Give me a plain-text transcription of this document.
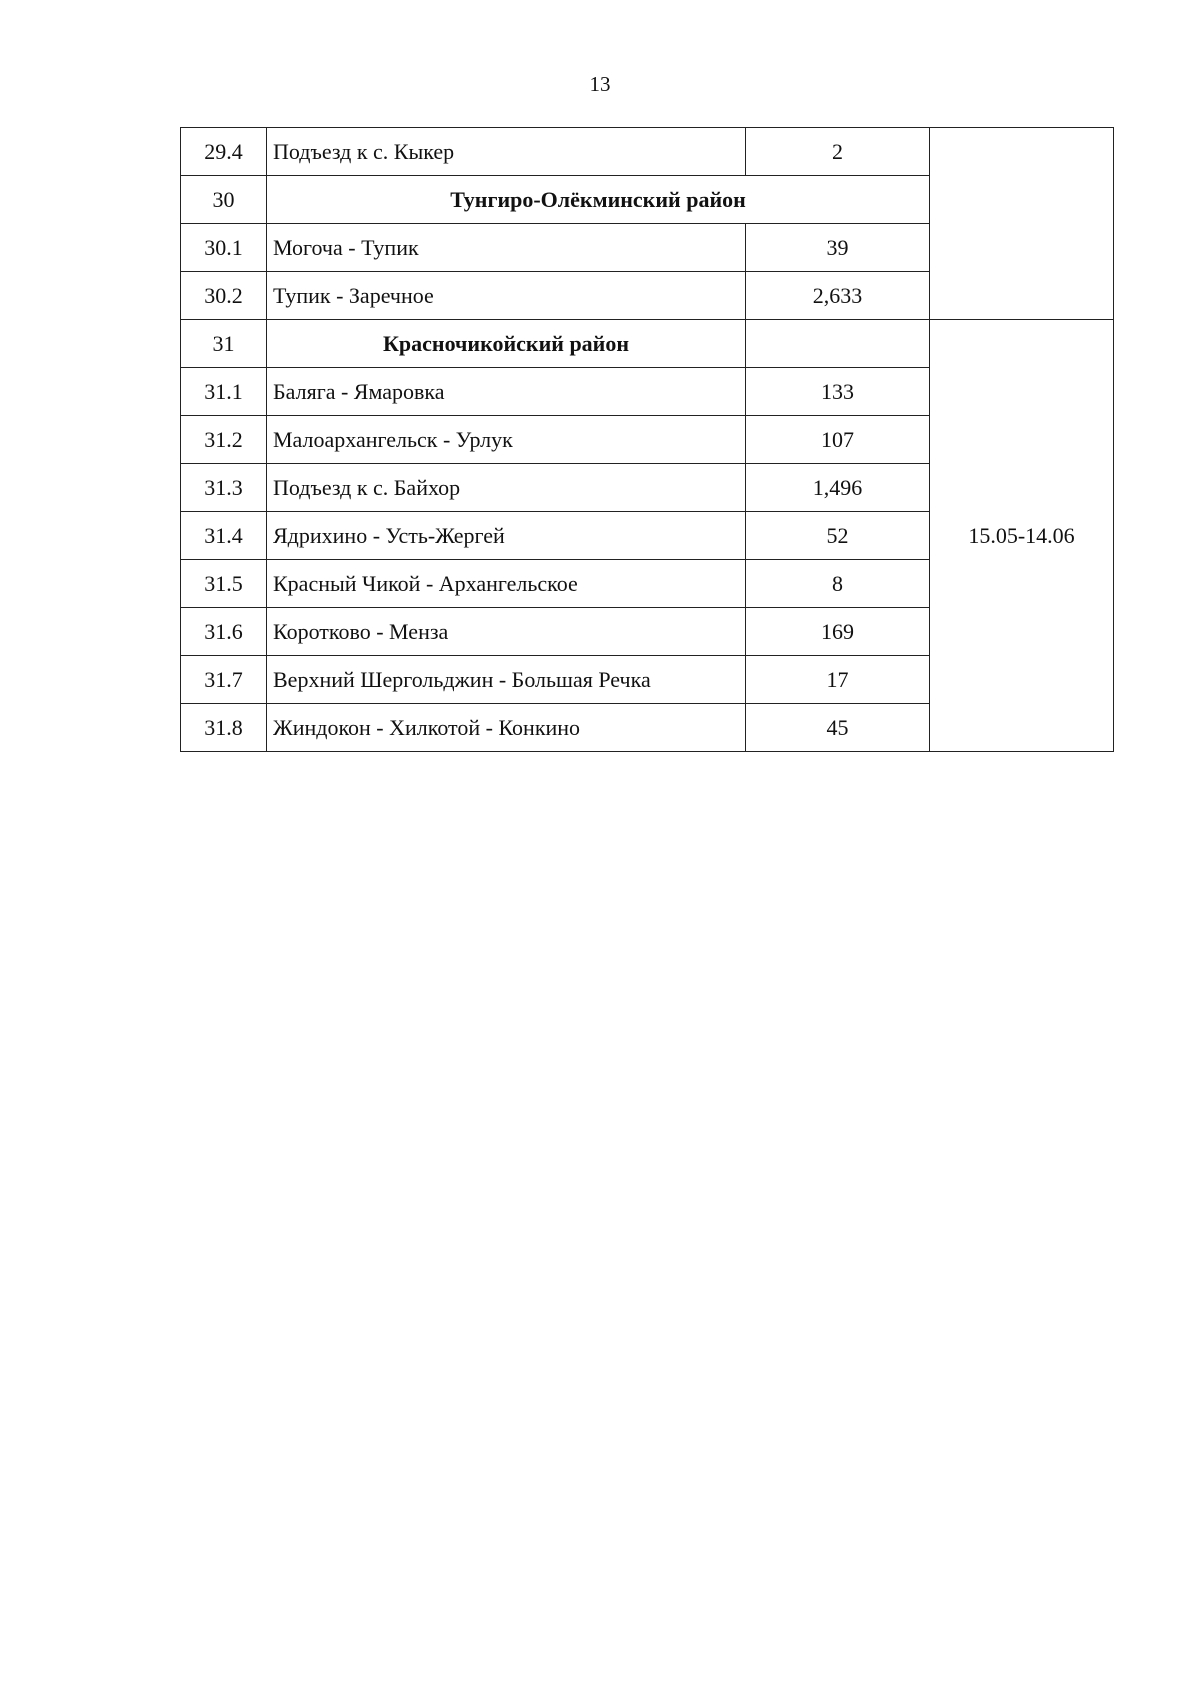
13
29.4	Подъезд к с. Кыкер	2	
30	Тунгиро-Олёкминский район		
30.1	Могоча - Тупик	39	
30.2	Тупик - Заречное	2,633	
31	Красночикойский район		15.05-14.06
31.1	Баляга - Ямаровка	133	
31.2	Малоархангельск - Урлук	107	
31.3	Подъезд к с. Байхор	1,496	
31.4	Ядрихино - Усть-Жергей	52	
31.5	Красный Чикой - Архангельское	8	
31.6	Коротково - Менза	169	
31.7	Верхний Шергольджин - Большая Речка	17	
31.8	Жиндокон - Хилкотой - Конкино	45	
